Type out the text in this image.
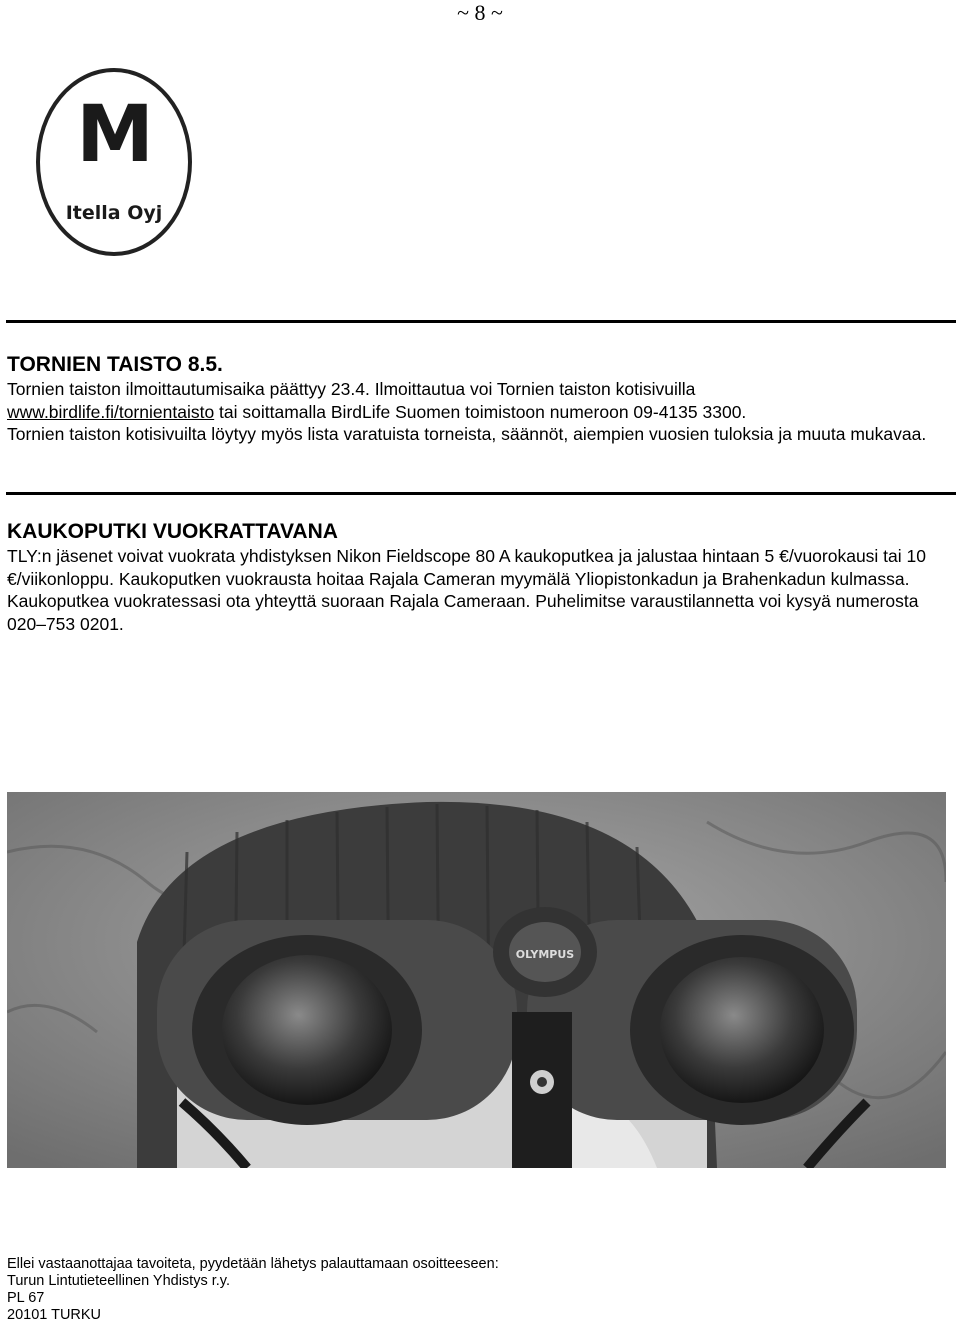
~ 8 ~
M
Itella Oyj
TORNIEN TAISTO 8.5.

Tornien taiston ilmoittautumisaika päättyy 23.4. Ilmoittautua voi Tornien taiston kotisivuilla
www.birdlife.fi/tornientaisto tai soittamalla BirdLife Suomen toimistoon numeroon 09-4135 3300.
Tornien taiston kotisivuilta löytyy myös lista varatuista torneista, säännöt, aiempien vuosien tuloksia ja muuta mukavaa.

KAUKOPUTKI VUOKRATTAVANA

TLY:n jäsenet voivat vuokrata yhdistyksen Nikon Fieldscope 80 A kaukoputkea ja jalustaa hintaan 5 €/vuorokausi tai 10 €/viikonloppu. Kaukoputken vuokrausta hoitaa Rajala Cameran myymälä Yliopistonkadun ja Brahenkadun kulmassa. Kaukoputkea vuokratessasi ota yhteyttä suoraan Rajala Cameraan. Puhelimitse varaustilannetta voi kysyä numerosta 020–753 0201.

OLYMPUS
Ellei vastaanottajaa tavoiteta, pyydetään lähetys palauttamaan osoitteeseen:
Turun Lintutieteellinen Yhdistys r.y.
PL 67
20101 TURKU
